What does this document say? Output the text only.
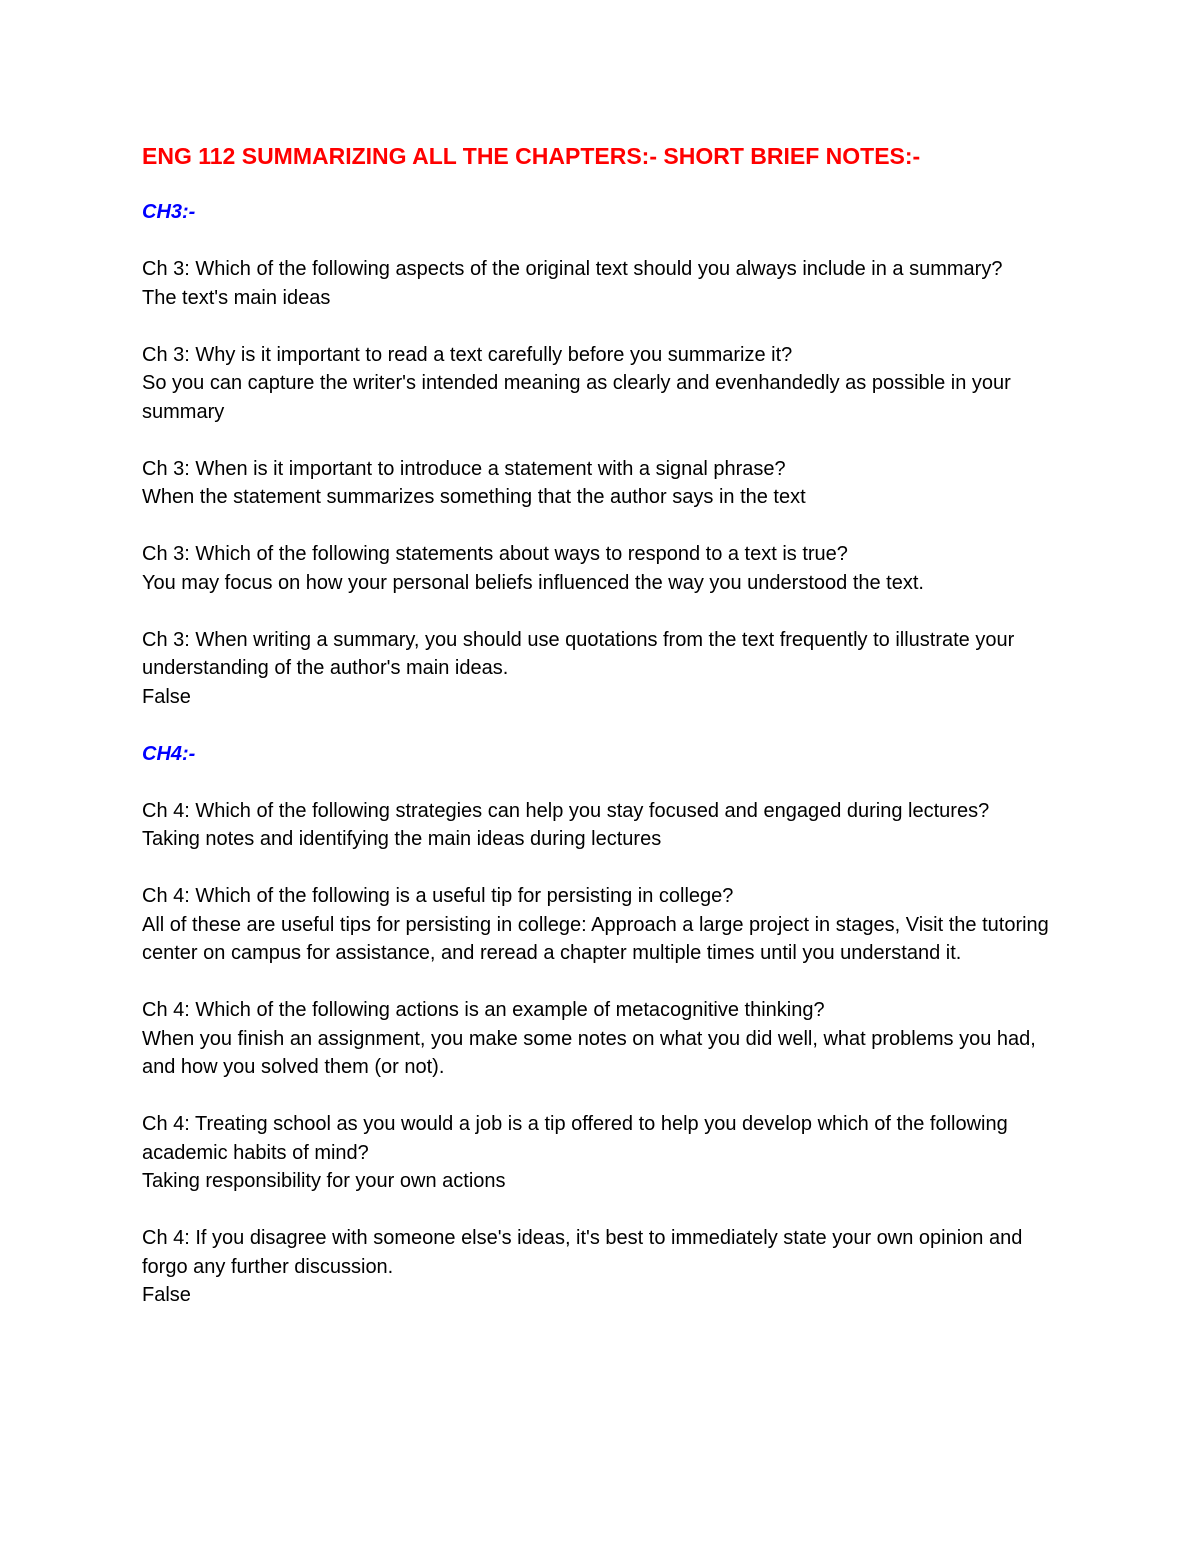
ENG 112 SUMMARIZING ALL THE CHAPTERS:- SHORT BRIEF NOTES:-
CH3:-

Ch 3: Which of the following aspects of the original text should you always include in a summary?

The text's main ideas

Ch 3: Why is it important to read a text carefully before you summarize it?

So you can capture the writer's intended meaning as clearly and evenhandedly as possible in your summary

Ch 3: When is it important to introduce a statement with a signal phrase?

When the statement summarizes something that the author says in the text

Ch 3: Which of the following statements about ways to respond to a text is true?

You may focus on how your personal beliefs influenced the way you understood the text.

Ch 3: When writing a summary, you should use quotations from the text frequently to illustrate your understanding of the author's main ideas.

False

CH4:-

Ch 4: Which of the following strategies can help you stay focused and engaged during lectures?

Taking notes and identifying the main ideas during lectures

Ch 4: Which of the following is a useful tip for persisting in college?

All of these are useful tips for persisting in college: Approach a large project in stages, Visit the tutoring center on campus for assistance, and reread a chapter multiple times until you understand it.

Ch 4: Which of the following actions is an example of metacognitive thinking?

When you finish an assignment, you make some notes on what you did well, what problems you had, and how you solved them (or not).

Ch 4: Treating school as you would a job is a tip offered to help you develop which of the following academic habits of mind?

Taking responsibility for your own actions

Ch 4: If you disagree with someone else's ideas, it's best to immediately state your own opinion and forgo any further discussion.

False
